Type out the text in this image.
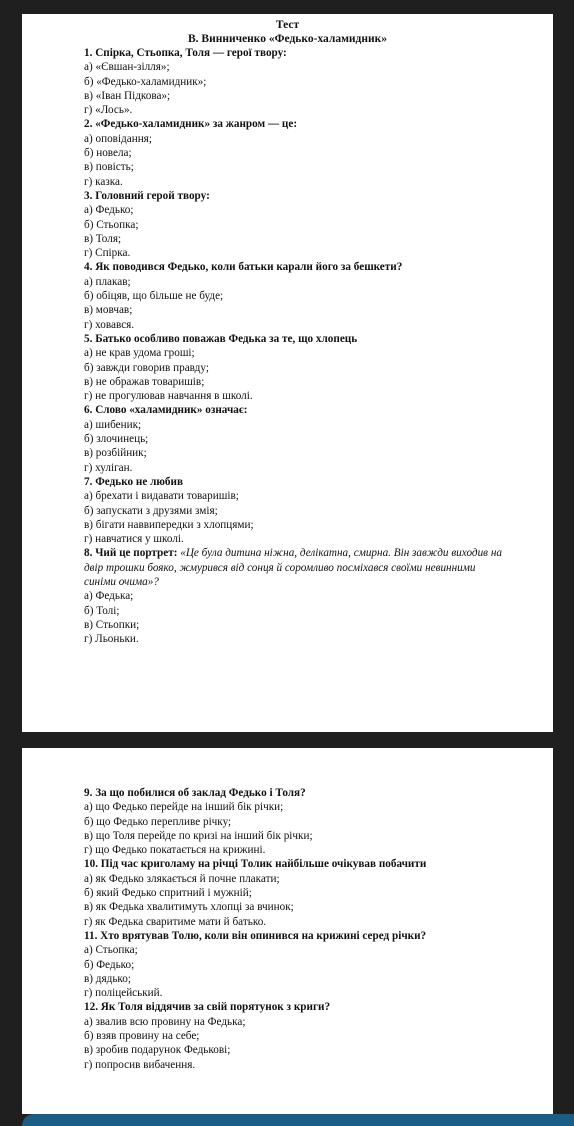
Тест
В. Винниченко «Федько-халамидник»
1. Спірка, Стьопка, Толя — герої твору:
а) «Євшан-зілля»;
б) «Федько-халамидник»;
в) «Іван Підкова»;
г) «Лось».
2. «Федько-халамидник» за жанром — це:
а) оповідання;
б) новела;
в) повість;
г) казка.
3. Головний герой твору:
а) Федько;
б) Стьопка;
в) Толя;
г) Спірка.
4. Як поводився Федько, коли батьки карали його за бешкети?
а) плакав;
б) обіцяв, що більше не буде;
в) мовчав;
г) ховався.
5. Батько особливо поважав Федька за те, що хлопець
а) не крав удома гроші;
б) завжди говорив правду;
в) не ображав товаришів;
г) не прогулював навчання в школі.
6. Слово «халамидник» означає:
а) шибеник;
б) злочинець;
в) розбійник;
г) хуліган.
7. Федько не любив
а) брехати і видавати товаришів;
б) запускати з друзями змія;
в) бігати наввипередки з хлопцями;
г) навчатися у школі.
8. Чий це портрет: «Це була дитина ніжна, делікатна, смирна. Він завжди виходив на двір трошки бояко, жмурився від сонця й соромливо посміхався своїми невинними синіми очима»?
а) Федька;
б) Толі;
в) Стьопки;
г) Льоньки.
9. За що побилися об заклад Федько і Толя?
а) що Федько перейде на інший бік річки;
б) що Федько перепливе річку;
в) що Толя перейде по кризі на інший бік річки;
г) що Федько покатається на крижині.
10. Під час криголаму на річці Толик найбільше очікував побачити
а) як Федько злякається й почне плакати;
б) який Федько спритний і мужній;
в) як Федька хвалитимуть хлопці за вчинок;
г) як Федька сваритиме мати й батько.
11. Хто врятував Толю, коли він опинився на крижині серед річки?
а) Стьопка;
б) Федько;
в) дядько;
г) поліцейський.
12. Як Толя віддячив за свій порятунок з криги?
а) звалив всю провину на Федька;
б) взяв провину на себе;
в) зробив подарунок Федькові;
г) попросив вибачення.
